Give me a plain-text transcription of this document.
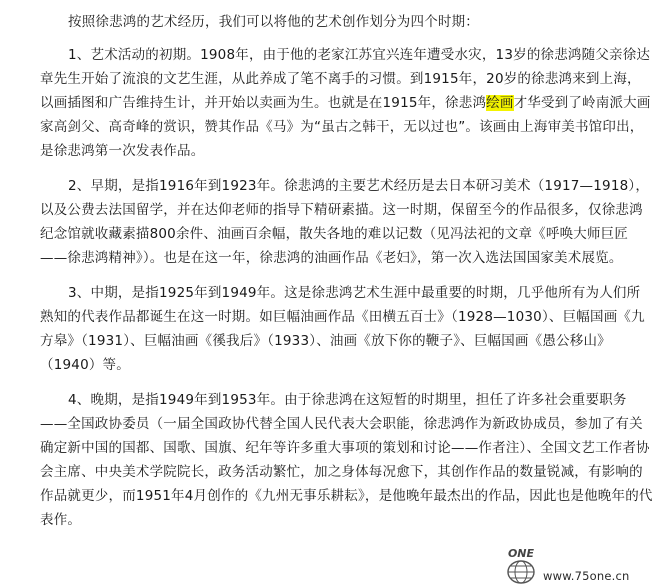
按照徐悲鸿的艺术经历，我们可以将他的艺术创作划分为四个时期：

1、艺术活动的初期。1908年，由于他的老家江苏宜兴连年遭受水灾，13岁的徐悲鸿随父亲徐达章先生开始了流浪的文艺生涯，从此养成了笔不离手的习惯。到1915年，20岁的徐悲鸿来到上海，以画插图和广告维持生计，并开始以卖画为生。也就是在1915年，徐悲鸿绘画才华受到了岭南派大画家高剑父、高奇峰的赏识，赞其作品《马》为“虽古之韩干，无以过也”。该画由上海审美书馆印出，是徐悲鸿第一次发表作品。

2、早期，是指1916年到1923年。徐悲鸿的主要艺术经历是去日本研习美术（1917—1918），以及公费去法国留学，并在达仰老师的指导下精研素描。这一时期，保留至今的作品很多，仅徐悲鸿纪念馆就收藏素描800余件、油画百余幅，散失各地的难以记数（见冯法祀的文章《呼唤大师巨匠——徐悲鸿精神》）。也是在这一年，徐悲鸿的油画作品《老妇》，第一次入选法国国家美术展览。

3、中期，是指1925年到1949年。这是徐悲鸿艺术生涯中最重要的时期，几乎他所有为人们所熟知的代表作品都诞生在这一时期。如巨幅油画作品《田横五百士》（1928—1030）、巨幅国画《九方皋》（1931）、巨幅油画《徯我后》（1933）、油画《放下你的鞭子》、巨幅国画《愚公移山》（1940）等。

4、晚期，是指1949年到1953年。由于徐悲鸿在这短暂的时期里，担任了许多社会重要职务——全国政协委员（一届全国政协代替全国人民代表大会职能，徐悲鸿作为新政协成员，参加了有关确定新中国的国都、国歌、国旗、纪年等许多重大事项的策划和讨论——作者注）、全国文艺工作者协会主席、中央美术学院院长，政务活动繁忙，加之身体每况愈下，其创作作品的数量锐减，有影响的作品就更少，而1951年4月创作的《九州无事乐耕耘》，是他晚年最杰出的作品，因此也是他晚年的代表作。

ONE
www.75one.cn
